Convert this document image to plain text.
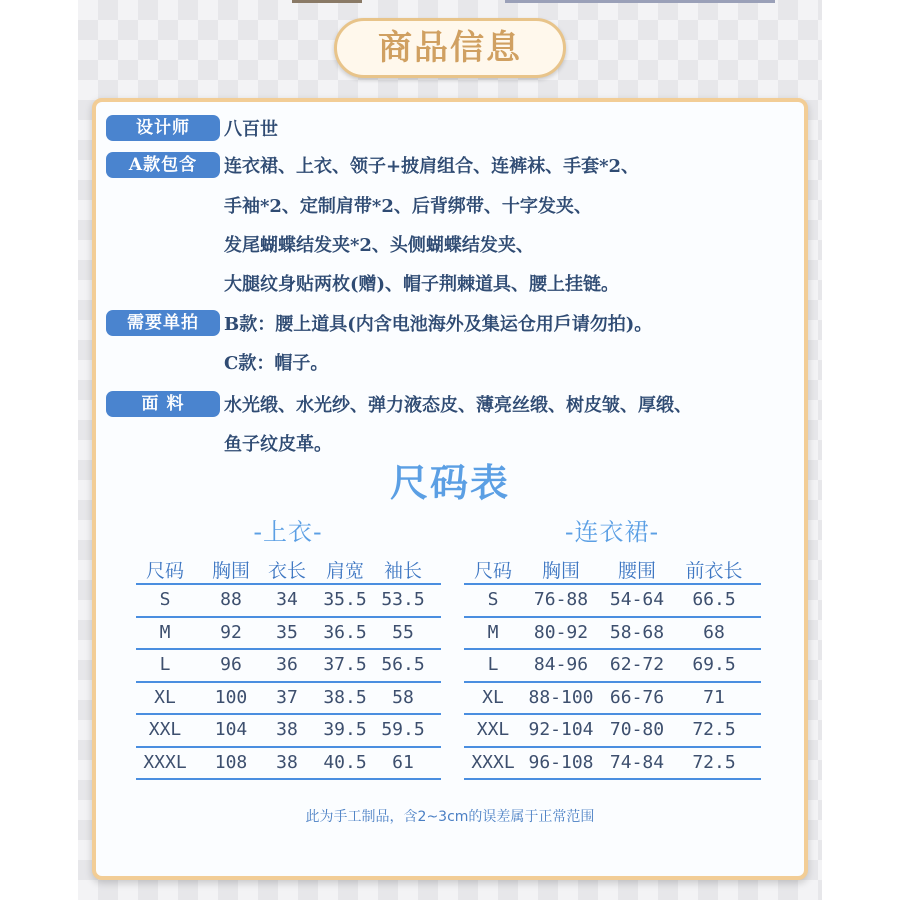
商品信息
设计师	八百世
A款包含	连衣裙、上衣、领子+披肩组合、连裤袜、手套*2、
手袖*2、定制肩带*2、后背绑带、十字发夹、
发尾蝴蝶结发夹*2、头侧蝴蝶结发夹、
大腿纹身贴两枚(赠)、帽子荆棘道具、腰上挂链。
需要单拍	B款：腰上道具(内含电池海外及集运仓用戶请勿拍)。
C款：帽子。
面 料	水光缎、水光纱、弹力液态皮、薄亮丝缎、树皮皱、厚缎、
鱼子纹皮革。
尺码表
-上衣-	-连衣裙-
尺码	胸围 衣长	肩宽	袖长
S	88	34	35.5 53.5
M	92	35	36.5	55
L	96	36	37.5 56.5
XL	100	37	38.5	58
XXL	104	38	39.5 59.5
XXXL	108	38	40.5	61
尺码	胸围	腰围	前衣长
S	76-88	54-64	66.5
M	80-92	58-68	68
L	84-96	62-72	69.5
XL	88-100 66-76	71
XXL	92-104 70-80	72.5
XXXL 96-108 74-84	72.5
此为手工制品，含2~3cm的误差属于正常范围
